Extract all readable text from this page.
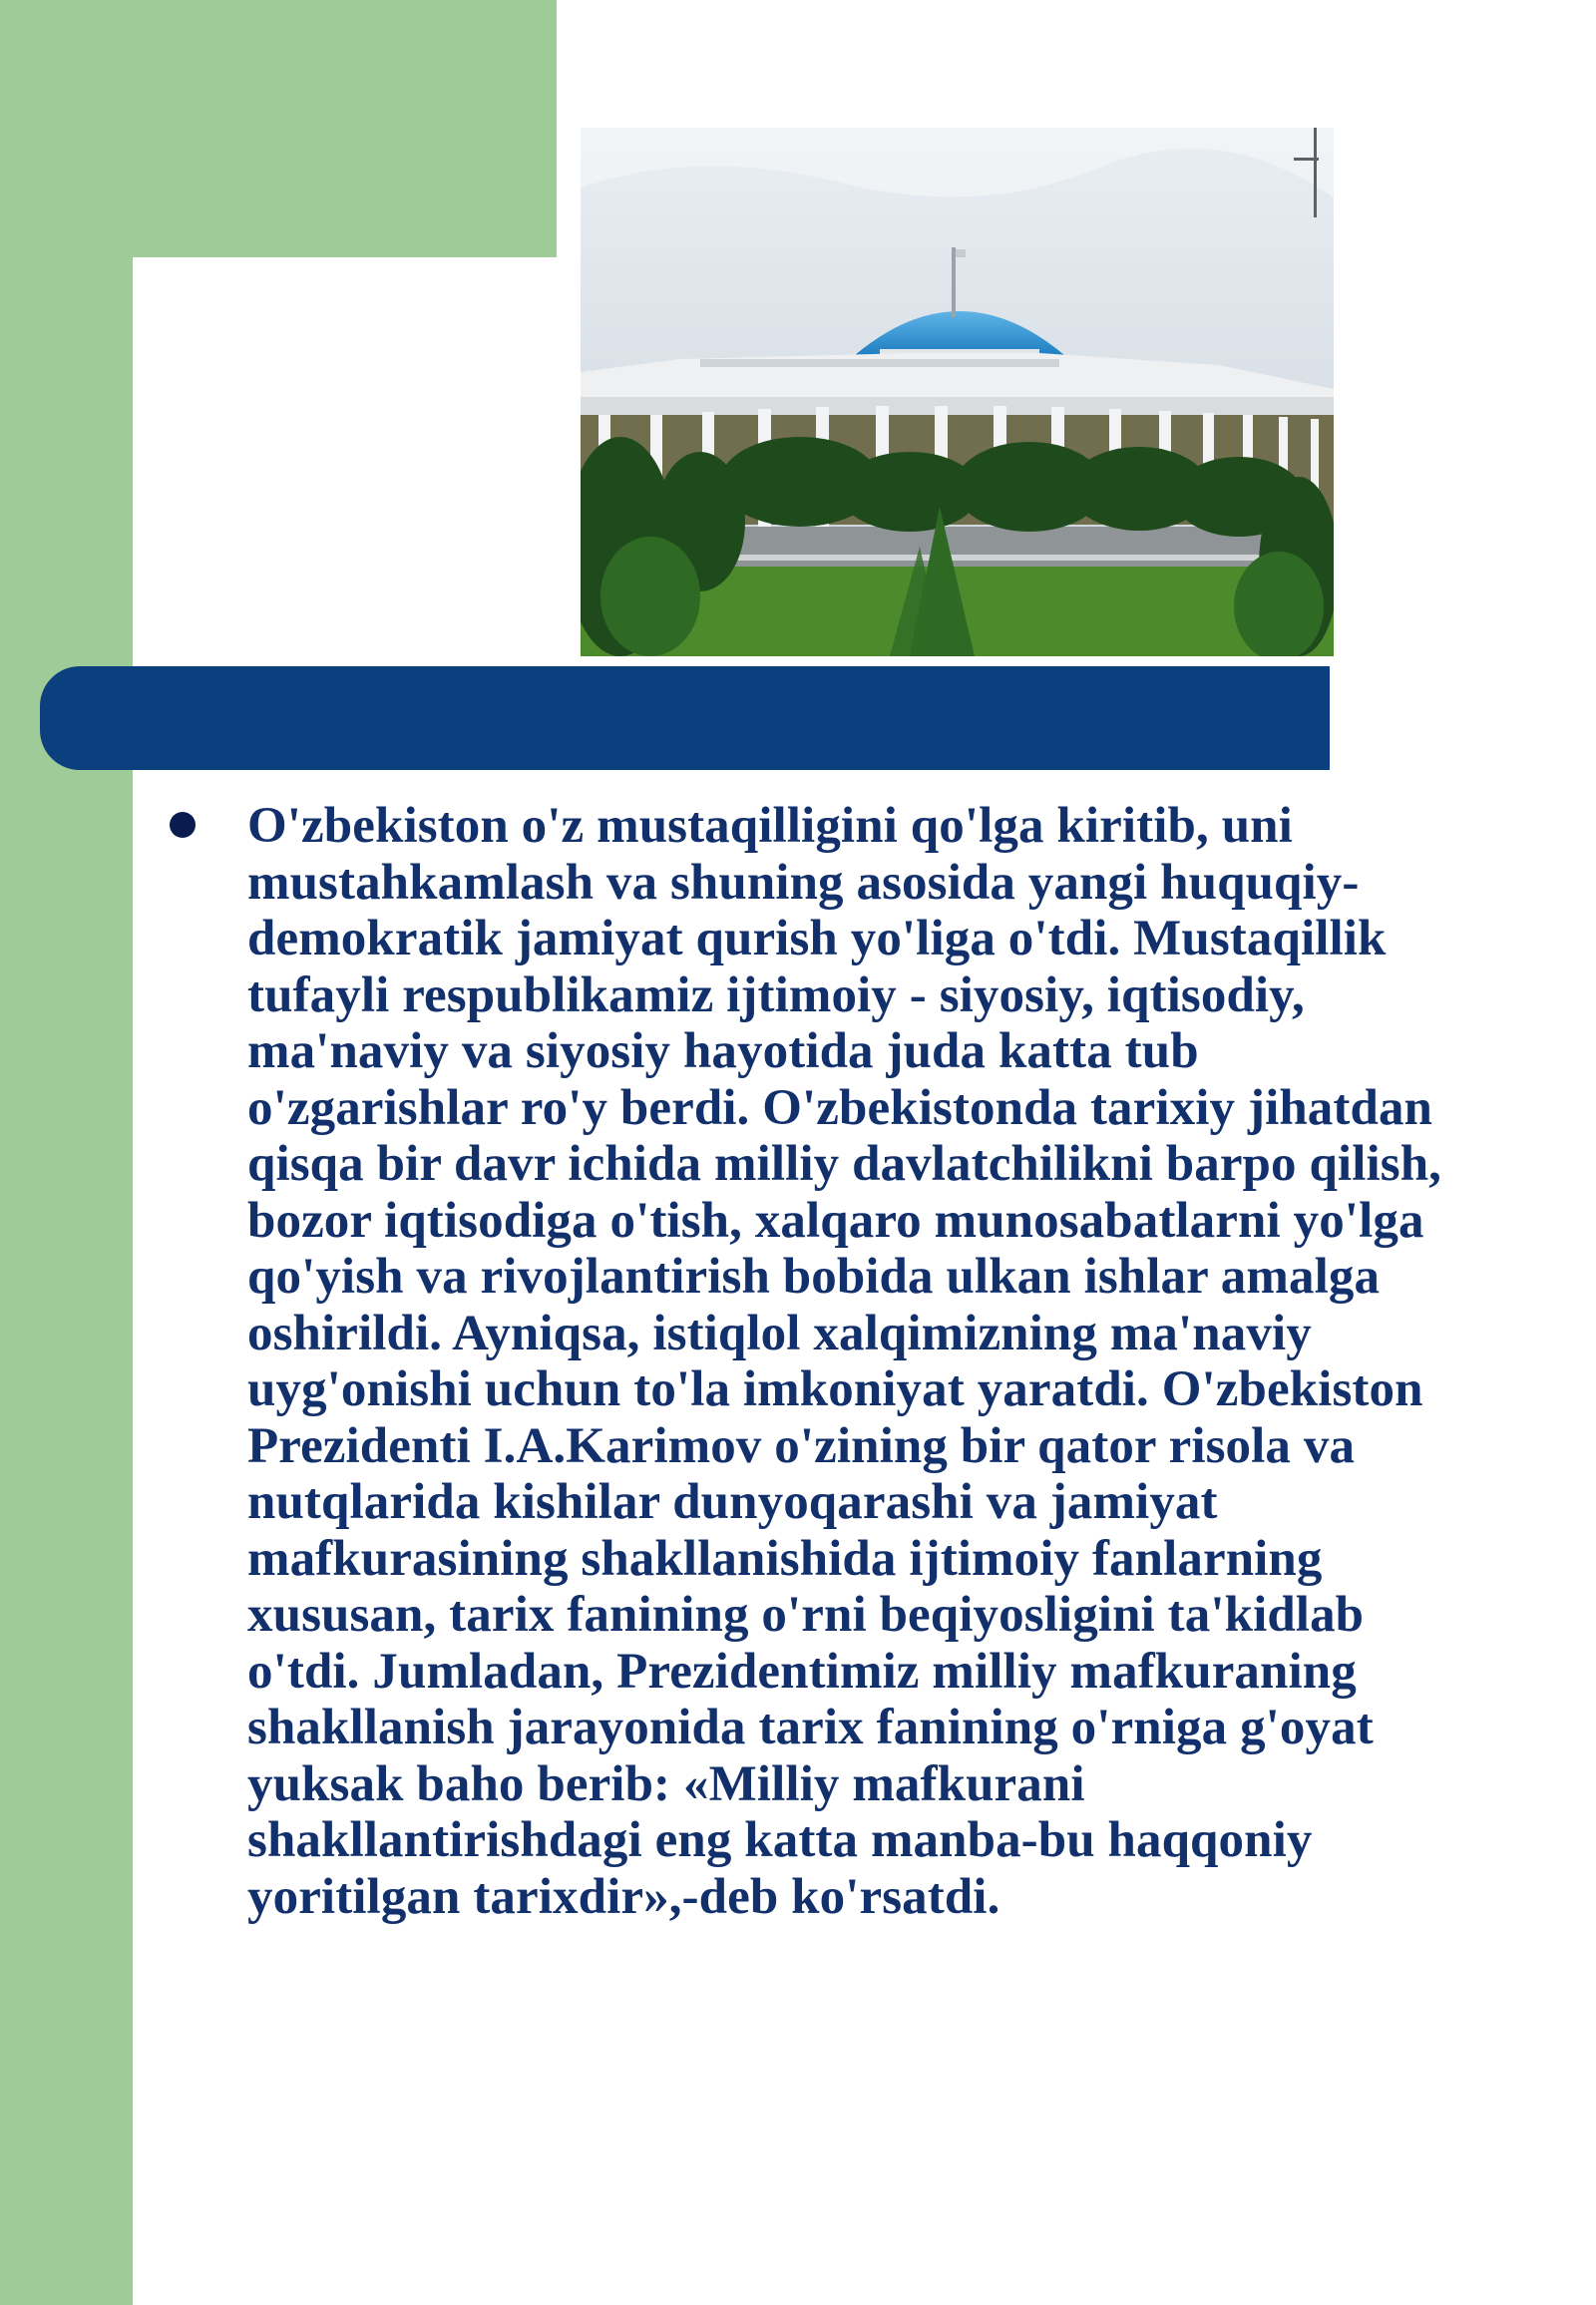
O'zbekiston o'z mustaqilligini qo'lga kiritib, uni mustahkamlash va shuning asosida yangi huquqiy-demokratik jamiyat qurish yo'liga o'tdi. Mustaqillik tufayli respublikamiz ijtimoiy - siyosiy, iqtisodiy, ma'naviy va siyosiy hayotida juda katta tub o'zgarishlar ro'y berdi. O'zbekistonda tarixiy jihatdan qisqa bir davr ichida milliy davlatchilikni barpo qilish, bozor iqtisodiga o'tish, xalqaro munosabatlarni yo'lga qo'yish va rivojlantirish bobida ulkan ishlar amalga oshirildi. Ayniqsa, istiqlol xalqimizning ma'naviy uyg'onishi uchun to'la imkoniyat yaratdi. O'zbekiston Prezidenti I.A.Karimov o'zining bir qator risola va nutqlarida kishilar dunyoqarashi va jamiyat mafkurasining shakllanishida ijtimoiy fanlarning xususan, tarix fanining o'rni beqiyosligini ta'kidlab o'tdi. Jumladan, Prezidentimiz milliy mafkuraning shakllanish jarayonida tarix fanining o'rniga g'oyat yuksak baho berib: «Milliy mafkurani shakllantirishdagi eng katta manba-bu haqqoniy yoritilgan tarixdir»,-deb ko'rsatdi.
